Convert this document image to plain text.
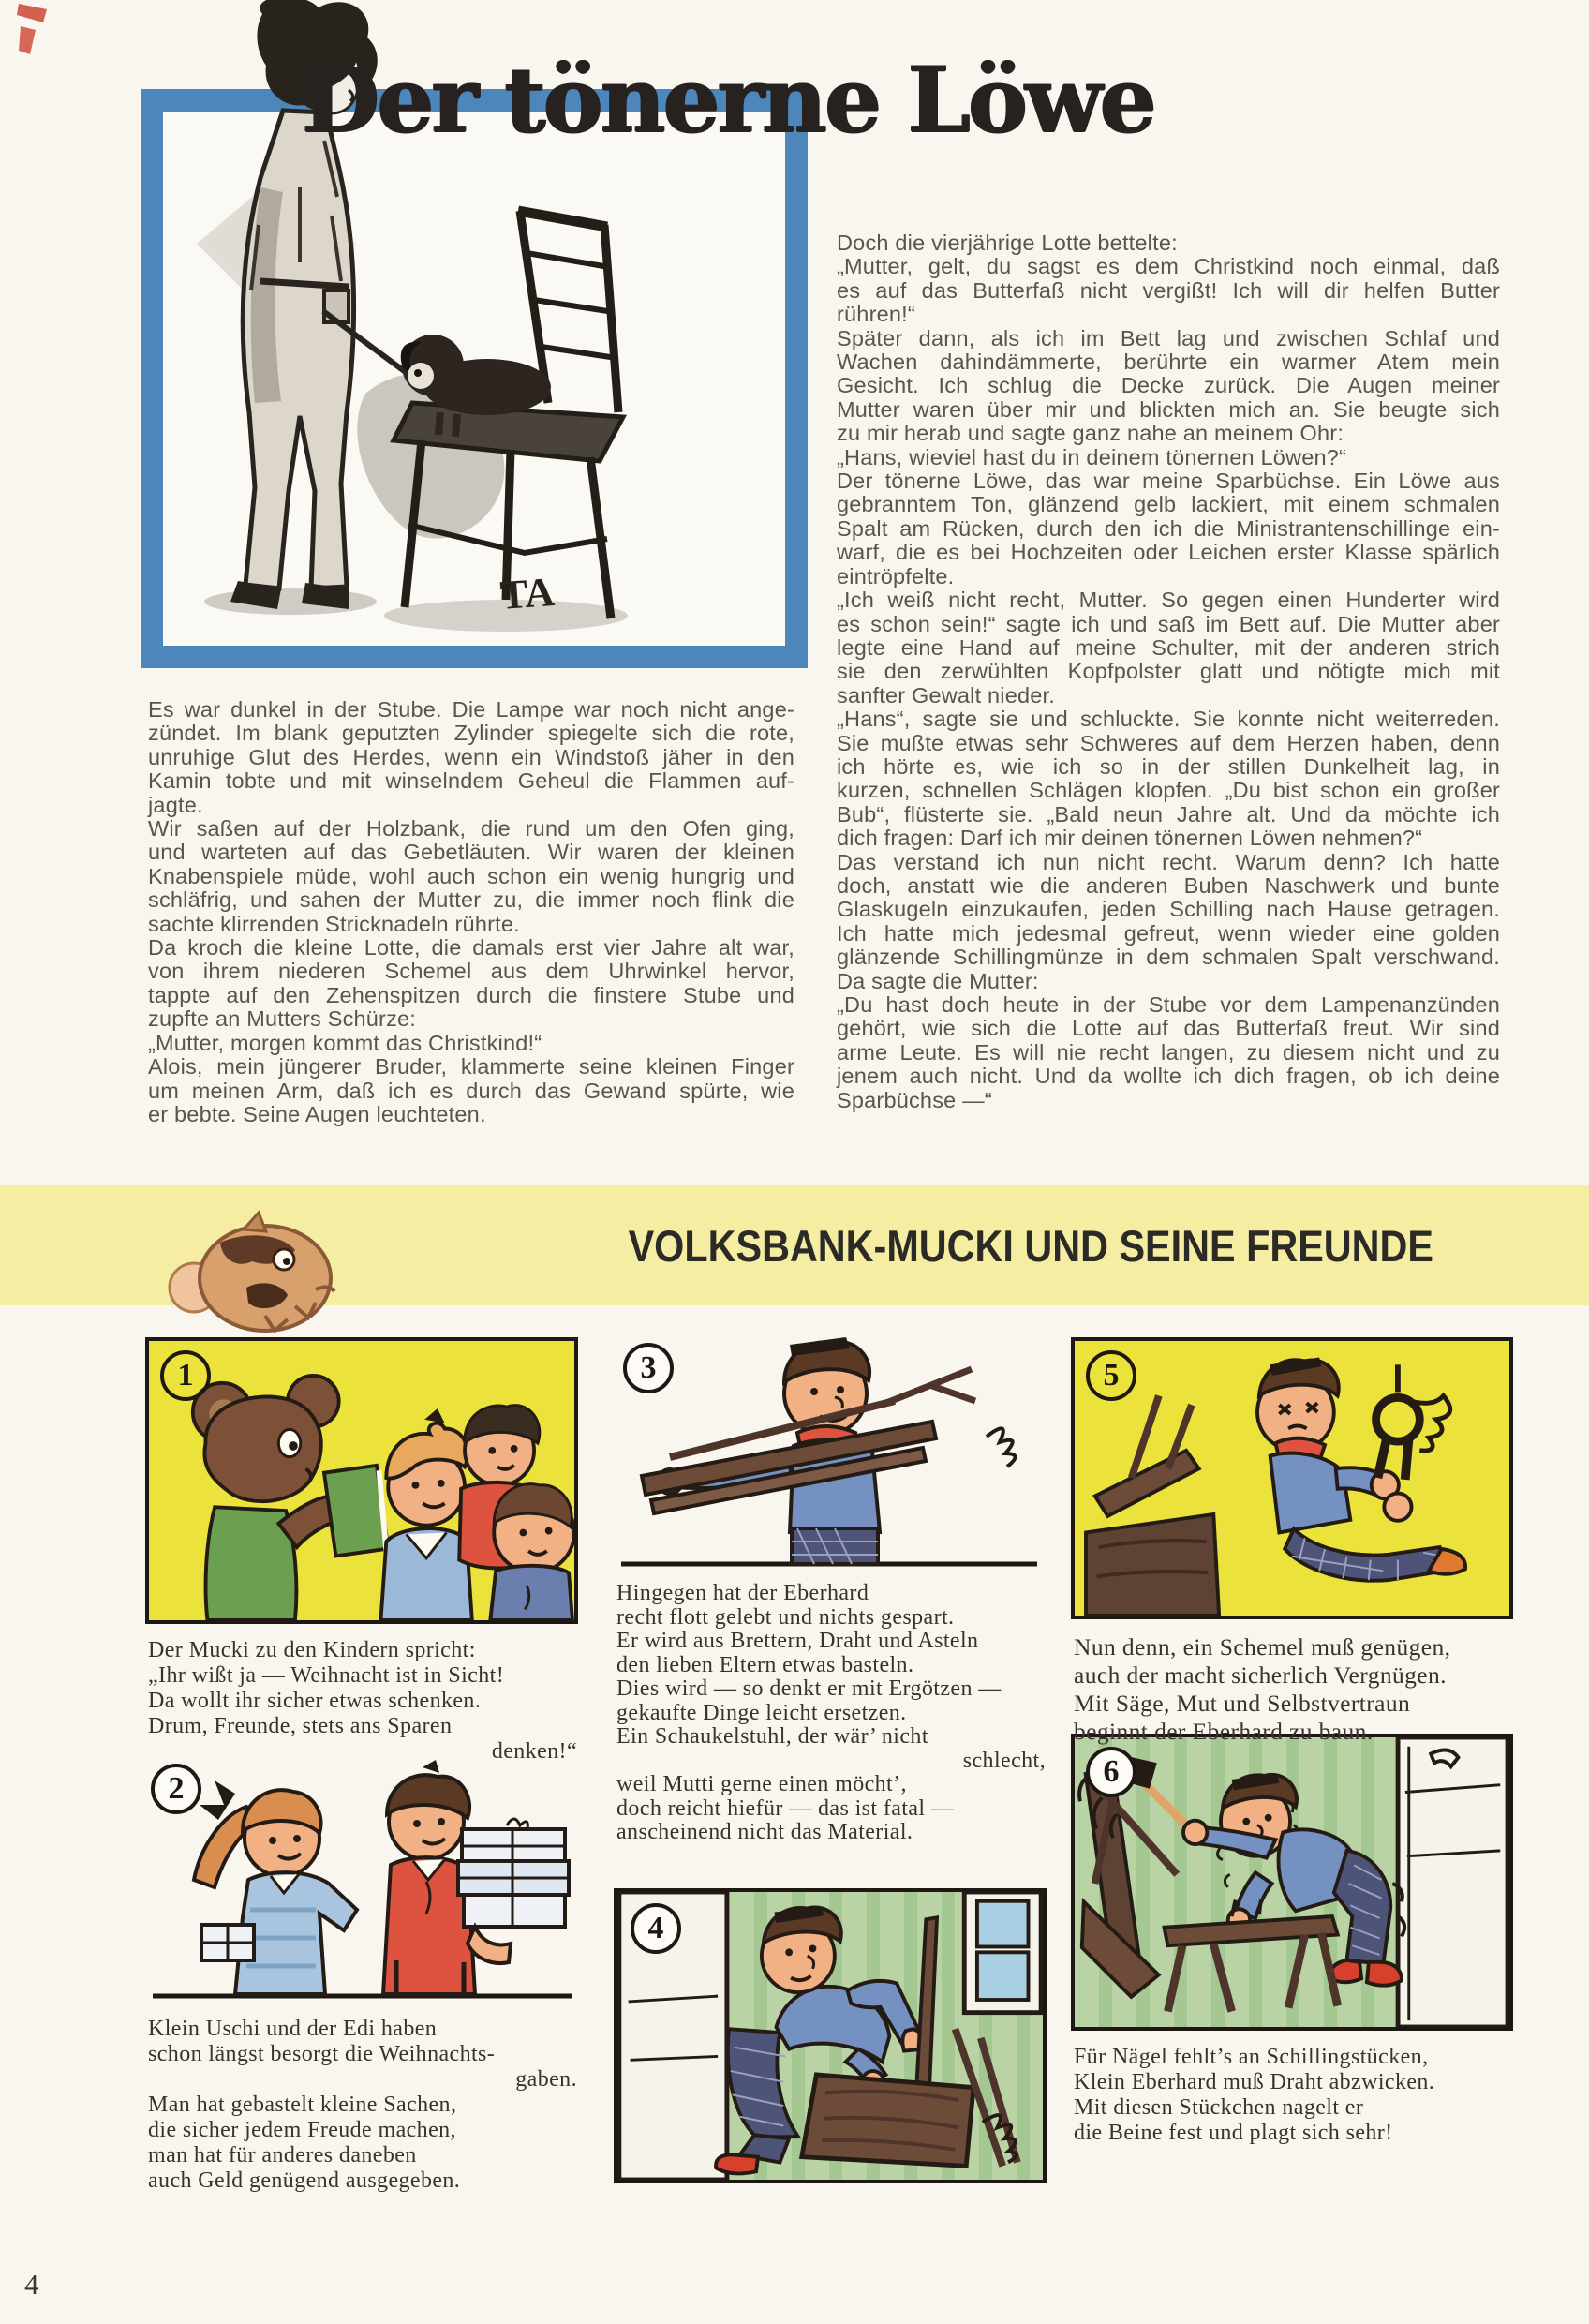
TA
Der tönerne Löwe
Es war dunkel in der Stube. Die Lampe war noch nicht ange-
zündet. Im blank geputzten Zylinder spiegelte sich die rote,
unruhige Glut des Herdes, wenn ein Windstoß jäher in den
Kamin tobte und mit winselndem Geheul die Flammen auf-
jagte.
Wir saßen auf der Holzbank, die rund um den Ofen ging,
und warteten auf das Gebetläuten. Wir waren der kleinen
Knabenspiele müde, wohl auch schon ein wenig hungrig und
schläfrig, und sahen der Mutter zu, die immer noch flink die
sachte klirrenden Stricknadeln rührte.
Da kroch die kleine Lotte, die damals erst vier Jahre alt war,
von ihrem niederen Schemel aus dem Uhrwinkel hervor,
tappte auf den Zehenspitzen durch die finstere Stube und
zupfte an Mutters Schürze:
„Mutter, morgen kommt das Christkind!“
Alois, mein jüngerer Bruder, klammerte seine kleinen Finger
um meinen Arm, daß ich es durch das Gewand spürte, wie
er bebte. Seine Augen leuchteten.
Doch die vierjährige Lotte bettelte:
„Mutter, gelt, du sagst es dem Christkind noch einmal, daß
es auf das Butterfaß nicht vergißt! Ich will dir helfen Butter
rühren!“
Später dann, als ich im Bett lag und zwischen Schlaf und
Wachen dahindämmerte, berührte ein warmer Atem mein
Gesicht. Ich schlug die Decke zurück. Die Augen meiner
Mutter waren über mir und blickten mich an. Sie beugte sich
zu mir herab und sagte ganz nahe an meinem Ohr:
„Hans, wieviel hast du in deinem tönernen Löwen?“
Der tönerne Löwe, das war meine Sparbüchse. Ein Löwe aus
gebranntem Ton, glänzend gelb lackiert, mit einem schmalen
Spalt am Rücken, durch den ich die Ministrantenschillinge ein-
warf, die es bei Hochzeiten oder Leichen erster Klasse spärlich
eintröpfelte.
„Ich weiß nicht recht, Mutter. So gegen einen Hunderter wird
es schon sein!“ sagte ich und saß im Bett auf. Die Mutter aber
legte eine Hand auf meine Schulter, mit der anderen strich
sie den zerwühlten Kopfpolster glatt und nötigte mich mit
sanfter Gewalt nieder.
„Hans“, sagte sie und schluckte. Sie konnte nicht weiterreden.
Sie mußte etwas sehr Schweres auf dem Herzen haben, denn
ich hörte es, wie ich so in der stillen Dunkelheit lag, in
kurzen, schnellen Schlägen klopfen. „Du bist schon ein großer
Bub“, flüsterte sie. „Bald neun Jahre alt. Und da möchte ich
dich fragen: Darf ich mir deinen tönernen Löwen nehmen?“
Das verstand ich nun nicht recht. Warum denn? Ich hatte
doch, anstatt wie die anderen Buben Naschwerk und bunte
Glaskugeln einzukaufen, jeden Schilling nach Hause getragen.
Ich hatte mich jedesmal gefreut, wenn wieder eine golden
glänzende Schillingmünze in dem schmalen Spalt verschwand.
Da sagte die Mutter:
„Du hast doch heute in der Stube vor dem Lampenanzünden
gehört, wie sich die Lotte auf das Butterfaß freut. Wir sind
arme Leute. Es will nie recht langen, zu diesem nicht und zu
jenem auch nicht. Und da wollte ich dich fragen, ob ich deine
Sparbüchse —“
VOLKSBANK-MUCKI UND SEINE FREUNDE
1
Der Mucki zu den Kindern spricht:
„Ihr wißt ja — Weihnacht ist in Sicht!
Da wollt ihr sicher etwas schenken.
Drum, Freunde, stets ans Sparen
denken!“
2
Klein Uschi und der Edi haben
schon längst besorgt die Weihnachts-
gaben.
Man hat gebastelt kleine Sachen,
die sicher jedem Freude machen,
man hat für anderes daneben
auch Geld genügend ausgegeben.
3
Hingegen hat der Eberhard
recht flott gelebt und nichts gespart.
Er wird aus Brettern, Draht und Asteln
den lieben Eltern etwas basteln.
Dies wird — so denkt er mit Ergötzen —
gekaufte Dinge leicht ersetzen.
Ein Schaukelstuhl, der wär’ nicht
schlecht,
weil Mutti gerne einen möcht’,
doch reicht hiefür — das ist fatal —
anscheinend nicht das Material.
4
5
Nun denn, ein Schemel muß genügen,
auch der macht sicherlich Vergnügen.
Mit Säge, Mut und Selbstvertraun
beginnt der Eberhard zu baun.
6
Für Nägel fehlt’s an Schillingstücken,
Klein Eberhard muß Draht abzwicken.
Mit diesen Stückchen nagelt er
die Beine fest und plagt sich sehr!
4
